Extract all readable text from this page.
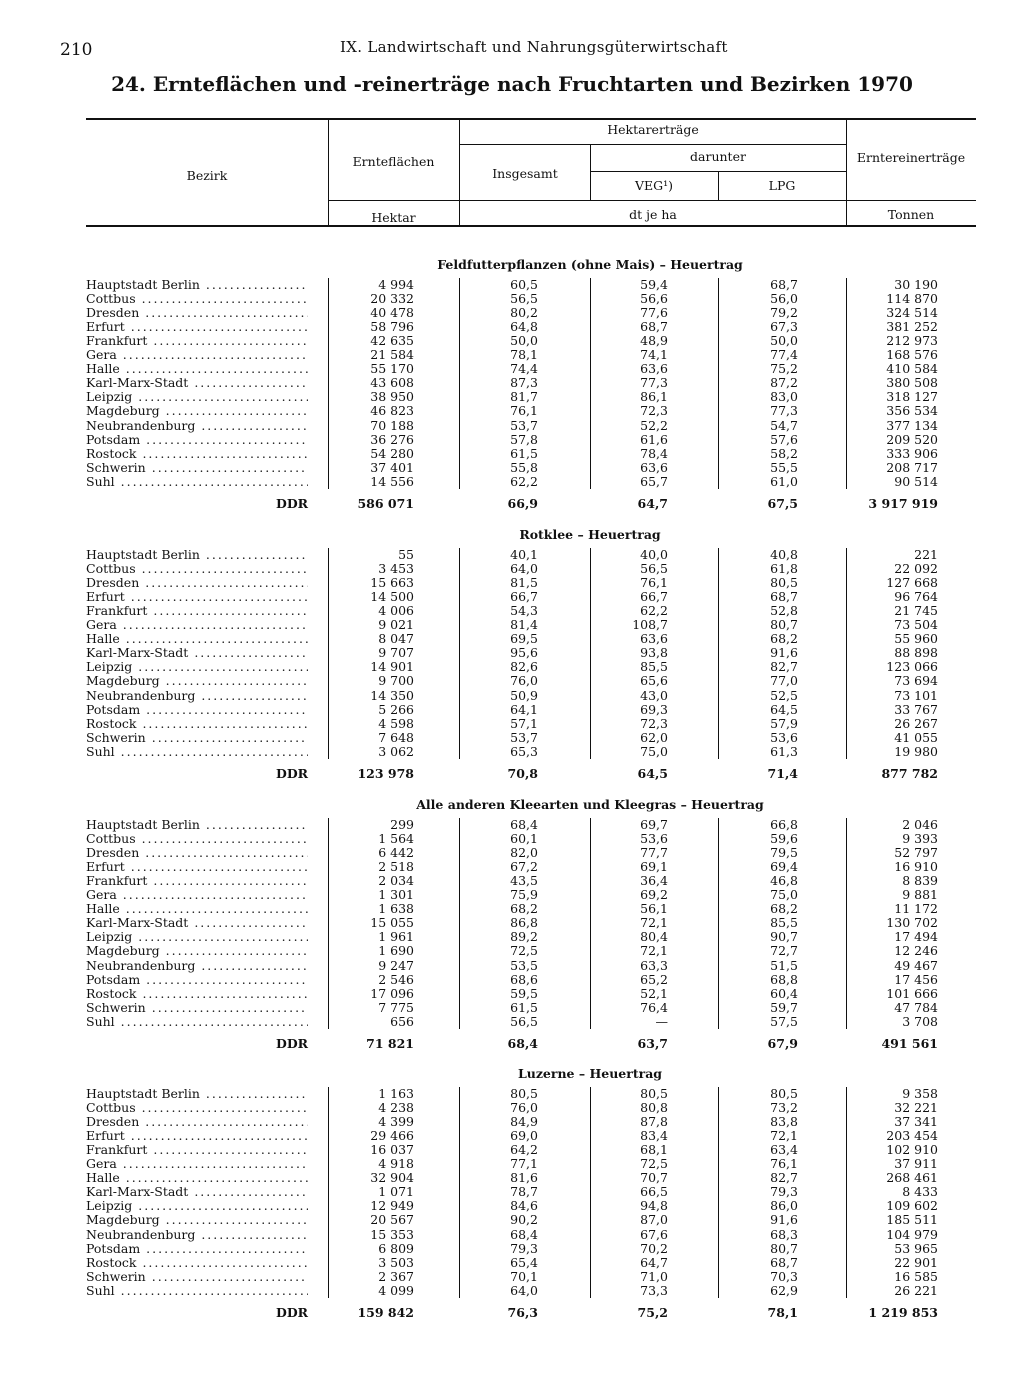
210	IX. Landwirtschaft und Nahrungsgüterwirtschaft
24. Ernteflächen und -reinerträge nach Fruchtarten und Bezirken 1970
Bezirk
Ernteflächen
Hektarerträge
Insgesamt
darunter
VEG¹)	LPG
Erntereinerträge
Hektar	dt je ha	Tonnen
Feldfutterpflanzen (ohne Mais) – Heuertrag
Hauptstadt Berlin .....	4 994	60,5	59,4	68,7	30 190
Cottbus .....	20 332	56,5	56,6	56,0	114 870
Dresden .....	40 478	80,2	77,6	79,2	324 514
Erfurt .....	58 796	64,8	68,7	67,3	381 252
Frankfurt .....	42 635	50,0	48,9	50,0	212 973
Gera .....	21 584	78,1	74,1	77,4	168 576
Halle .....	55 170	74,4	63,6	75,2	410 584
Karl-Marx-Stadt .....	43 608	87,3	77,3	87,2	380 508
Leipzig .....	38 950	81,7	86,1	83,0	318 127
Magdeburg .....	46 823	76,1	72,3	77,3	356 534
Neubrandenburg .....	70 188	53,7	52,2	54,7	377 134
Potsdam .....	36 276	57,8	61,6	57,6	209 520
Rostock .....	54 280	61,5	78,4	58,2	333 906
Schwerin .....	37 401	55,8	63,6	55,5	208 717
Suhl .....	14 556	62,2	65,7	61,0	90 514
DDR	586 071	66,9	64,7	67,5	3 917 919
Rotklee – Heuertrag
Hauptstadt Berlin .....	55	40,1	40,0	40,8	221
Cottbus .....	3 453	64,0	56,5	61,8	22 092
Dresden .....	15 663	81,5	76,1	80,5	127 668
Erfurt .....	14 500	66,7	66,7	68,7	96 764
Frankfurt .....	4 006	54,3	62,2	52,8	21 745
Gera .....	9 021	81,4	108,7	80,7	73 504
Halle .....	8 047	69,5	63,6	68,2	55 960
Karl-Marx-Stadt .....	9 707	95,6	93,8	91,6	88 898
Leipzig .....	14 901	82,6	85,5	82,7	123 066
Magdeburg .....	9 700	76,0	65,6	77,0	73 694
Neubrandenburg .....	14 350	50,9	43,0	52,5	73 101
Potsdam .....	5 266	64,1	69,3	64,5	33 767
Rostock .....	4 598	57,1	72,3	57,9	26 267
Schwerin .....	7 648	53,7	62,0	53,6	41 055
Suhl .....	3 062	65,3	75,0	61,3	19 980
DDR	123 978	70,8	64,5	71,4	877 782
Alle anderen Kleearten und Kleegras – Heuertrag
Hauptstadt Berlin .....	299	68,4	69,7	66,8	2 046
Cottbus .....	1 564	60,1	53,6	59,6	9 393
Dresden .....	6 442	82,0	77,7	79,5	52 797
Erfurt .....	2 518	67,2	69,1	69,4	16 910
Frankfurt .....	2 034	43,5	36,4	46,8	8 839
Gera .....	1 301	75,9	69,2	75,0	9 881
Halle .....	1 638	68,2	56,1	68,2	11 172
Karl-Marx-Stadt .....	15 055	86,8	72,1	85,5	130 702
Leipzig .....	1 961	89,2	80,4	90,7	17 494
Magdeburg .....	1 690	72,5	72,1	72,7	12 246
Neubrandenburg .....	9 247	53,5	63,3	51,5	49 467
Potsdam .....	2 546	68,6	65,2	68,8	17 456
Rostock .....	17 096	59,5	52,1	60,4	101 666
Schwerin .....	7 775	61,5	76,4	59,7	47 784
Suhl .....	656	56,5	—	57,5	3 708
DDR	71 821	68,4	63,7	67,9	491 561
Luzerne – Heuertrag
Hauptstadt Berlin .....	1 163	80,5	80,5	80,5	9 358
Cottbus .....	4 238	76,0	80,8	73,2	32 221
Dresden .....	4 399	84,9	87,8	83,8	37 341
Erfurt .....	29 466	69,0	83,4	72,1	203 454
Frankfurt .....	16 037	64,2	68,1	63,4	102 910
Gera .....	4 918	77,1	72,5	76,1	37 911
Halle .....	32 904	81,6	70,7	82,7	268 461
Karl-Marx-Stadt .....	1 071	78,7	66,5	79,3	8 433
Leipzig .....	12 949	84,6	94,8	86,0	109 602
Magdeburg .....	20 567	90,2	87,0	91,6	185 511
Neubrandenburg .....	15 353	68,4	67,6	68,3	104 979
Potsdam .....	6 809	79,3	70,2	80,7	53 965
Rostock .....	3 503	65,4	64,7	68,7	22 901
Schwerin .....	2 367	70,1	71,0	70,3	16 585
Suhl .....	4 099	64,0	73,3	62,9	26 221
DDR	159 842	76,3	75,2	78,1	1 219 853
